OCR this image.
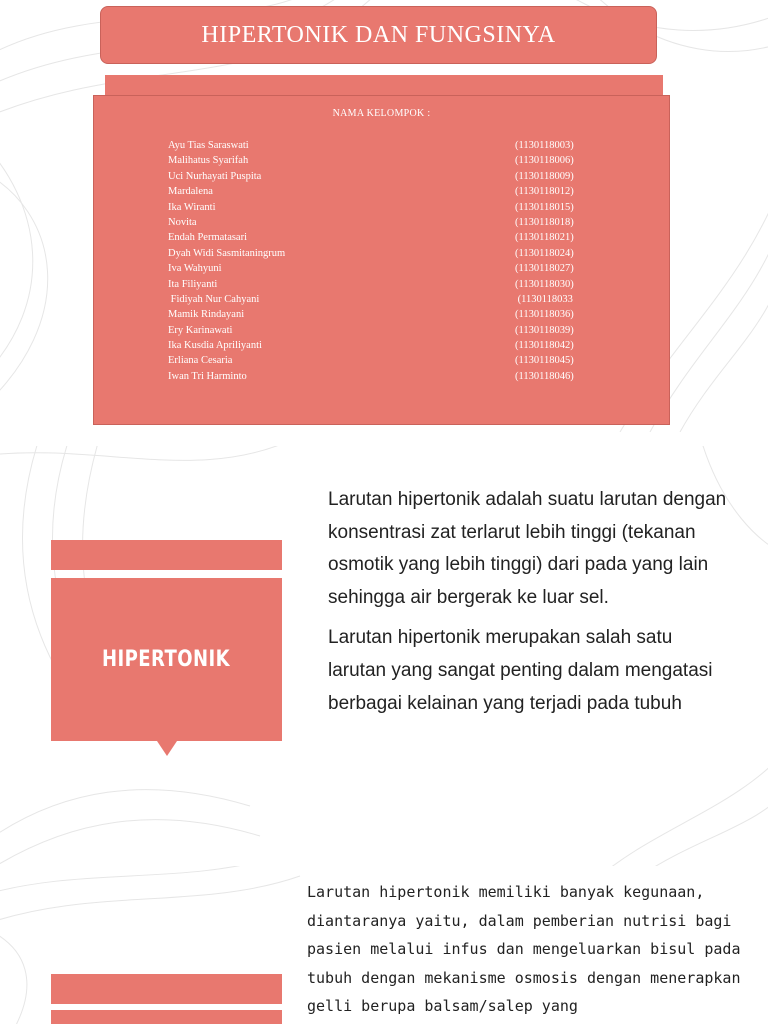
HIPERTONIK DAN FUNGSINYA
NAMA KELOMPOK :
Ayu Tias Saraswati	(1130118003)
Malihatus Syarifah	(1130118006)
Uci Nurhayati Puspita	(1130118009)
Mardalena	(1130118012)
Ika Wiranti	(1130118015)
Novita	(1130118018)
Endah Permatasari	(1130118021)
Dyah Widi Sasmitaningrum	(1130118024)
Iva Wahyuni	(1130118027)
Ita Filiyanti	(1130118030)
Fidiyah Nur Cahyani	(1130118033
Mamik Rindayani	(1130118036)
Ery Karinawati	(1130118039)
Ika Kusdia Apriliyanti	(1130118042)
Erliana Cesaria	(1130118045)
Iwan Tri Harminto	(1130118046)
HIPERTONIK

Larutan hipertonik adalah suatu larutan dengan konsentrasi zat terlarut lebih tinggi (tekanan osmotik yang lebih tinggi) dari pada yang lain sehingga air bergerak ke luar sel.

Larutan hipertonik merupakan salah satu larutan yang sangat penting dalam mengatasi berbagai kelainan yang terjadi pada tubuh

Larutan hipertonik memiliki banyak kegunaan, diantaranya yaitu, dalam pemberian nutrisi bagi pasien melalui infus dan mengeluarkan bisul pada tubuh dengan mekanisme osmosis dengan menerapkan gelli berupa balsam/salep yang
